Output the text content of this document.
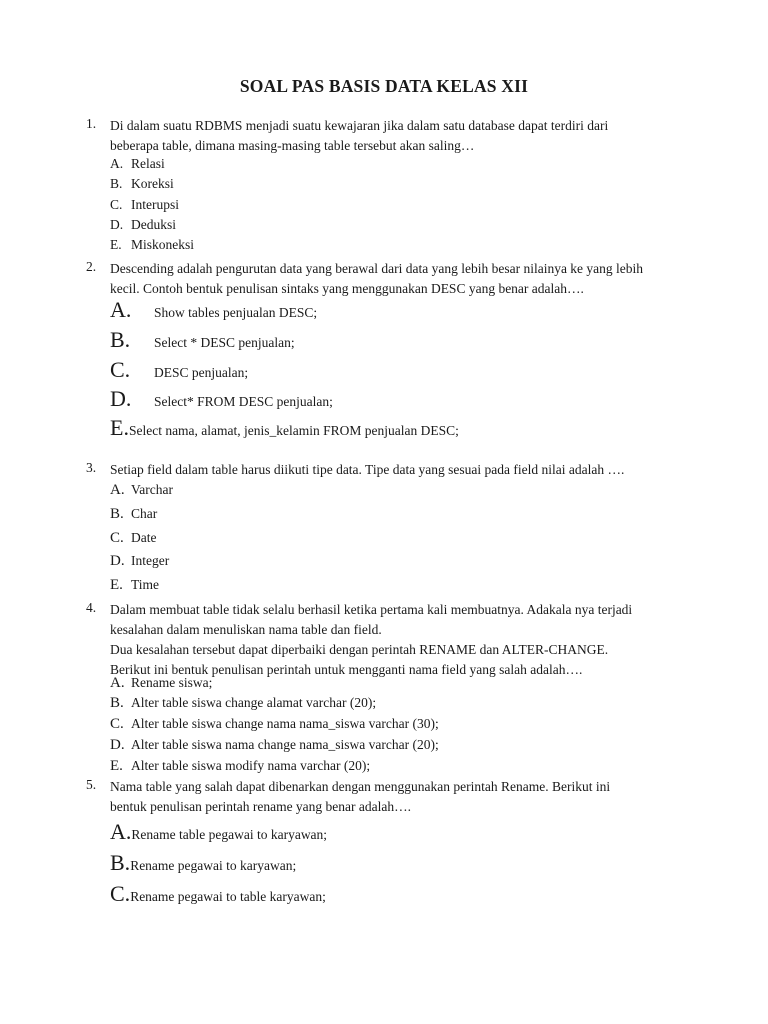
SOAL PAS BASIS DATA KELAS XII
1.	Di dalam suatu RDBMS menjadi suatu kewajaran jika dalam satu database dapat terdiri dari
beberapa table, dimana masing-masing table tersebut akan saling…
A. Relasi
B. Koreksi
C. Interupsi
D. Deduksi
E. Miskoneksi
2.	Descending adalah pengurutan data yang berawal dari data yang lebih besar nilainya ke yang lebih
kecil. Contoh bentuk penulisan sintaks yang menggunakan DESC yang benar adalah….
A. Show tables penjualan DESC;
B. Select * DESC penjualan;
C. DESC penjualan;
D. Select* FROM DESC penjualan;
E.Select nama, alamat, jenis_kelamin FROM penjualan DESC;
3.	Setiap field dalam table harus diikuti tipe data. Tipe data yang sesuai pada field nilai adalah ….
A. Varchar
B. Char
C. Date
D. Integer
E. Time
4.	Dalam membuat table tidak selalu berhasil ketika pertama kali membuatnya. Adakala nya terjadi
kesalahan dalam menuliskan nama table dan field.
Dua kesalahan tersebut dapat diperbaiki dengan perintah RENAME dan ALTER-CHANGE.
Berikut ini bentuk penulisan perintah untuk mengganti nama field yang salah adalah….
A. Rename siswa;
B. Alter table siswa change alamat varchar (20);
C. Alter table siswa change nama nama_siswa varchar (30);
D. Alter table siswa nama change nama_siswa varchar (20);
E. Alter table siswa modify nama varchar (20);
5.	Nama table yang salah dapat dibenarkan dengan menggunakan perintah Rename. Berikut ini
bentuk penulisan perintah rename yang benar adalah….
A.Rename table pegawai to karyawan;
B.Rename pegawai to karyawan;
C.Rename pegawai to table karyawan;
